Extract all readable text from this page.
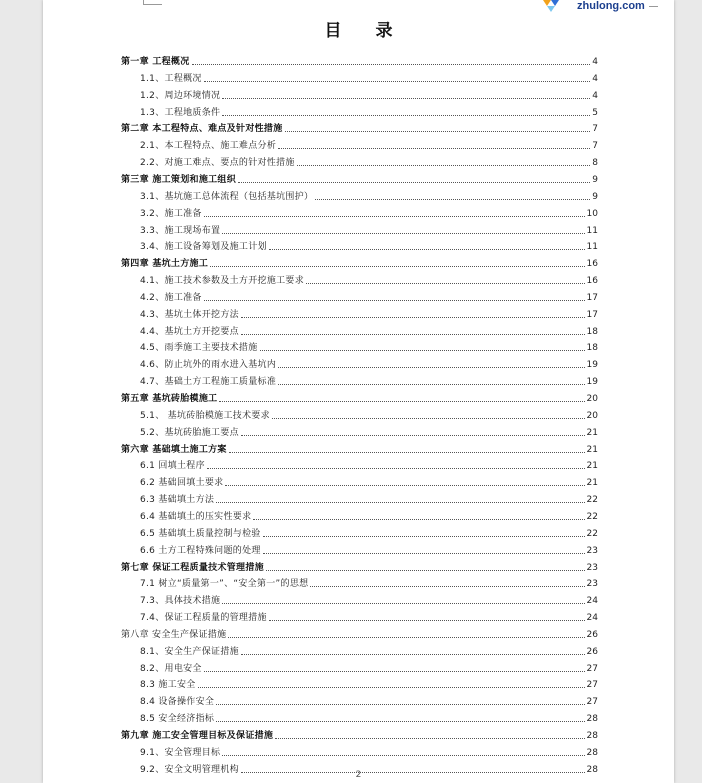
zhulong.com
目 录
第一章 工程概况	4
1.1、工程概况	4
1.2、周边环境情况	4
1.3、工程地质条件	5
第二章 本工程特点、难点及针对性措施	7
2.1、本工程特点、施工难点分析	7
2.2、对施工难点、要点的针对性措施	8
第三章 施工策划和施工组织	9
3.1、基坑施工总体流程（包括基坑围护）	9
3.2、施工准备	10
3.3、施工现场布置	11
3.4、施工设备筹划及施工计划	11
第四章 基坑土方施工	16
4.1、施工技术参数及土方开挖施工要求	16
4.2、施工准备	17
4.3、基坑土体开挖方法	17
4.4、基坑土方开挖要点	18
4.5、雨季施工主要技术措施	18
4.6、防止坑外的雨水进入基坑内	19
4.7、基础土方工程施工质量标准	19
第五章 基坑砖胎模施工	20
5.1、 基坑砖胎模施工技术要求	20
5.2、基坑砖胎施工要点	21
第六章 基础填土施工方案	21
6.1 回填土程序	21
6.2 基础回填土要求	21
6.3 基础填土方法	22
6.4 基础填土的压实性要求	22
6.5 基础填土质量控制与检验	22
6.6 土方工程特殊问题的处理	23
第七章 保证工程质量技术管理措施	23
7.1 树立“质量第一”、“安全第一”的思想	23
7.3、具体技术措施	24
7.4、保证工程质量的管理措施	24
第八章 安全生产保证措施	26
8.1、安全生产保证措施	26
8.2、用电安全	27
8.3 施工安全	27
8.4 设备操作安全	27
8.5 安全经济指标	28
第九章 施工安全管理目标及保证措施	28
9.1、安全管理目标	28
9.2、安全文明管理机构	28
2
